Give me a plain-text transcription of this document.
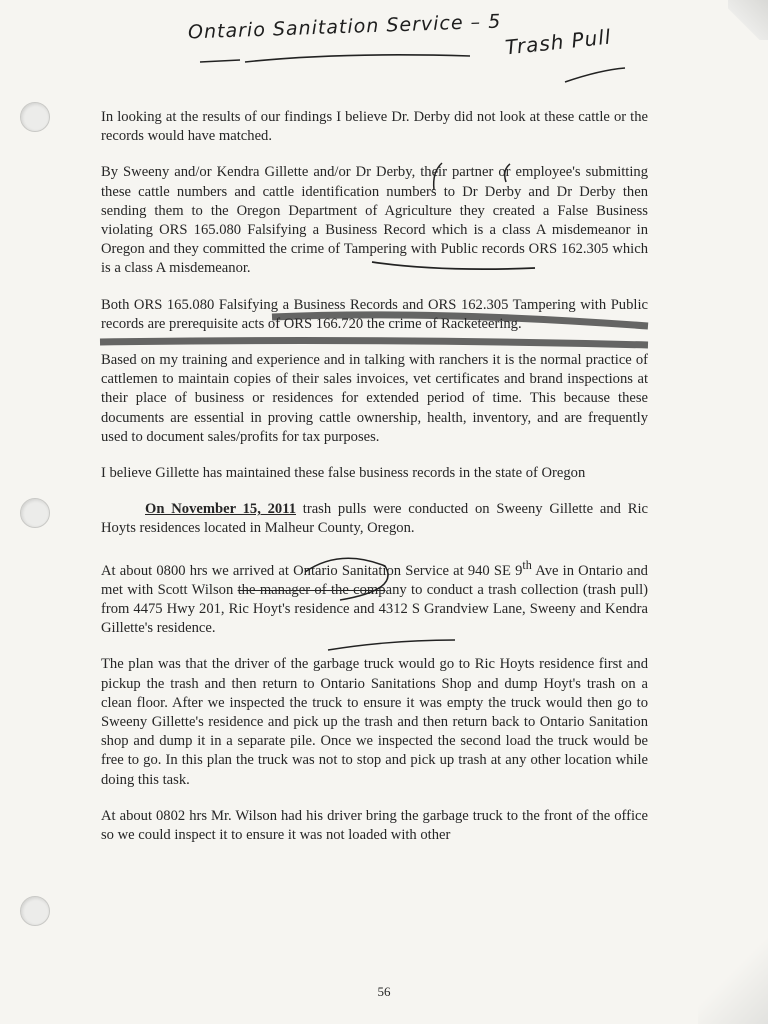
Ontario Sanitation Service – 5 Trash Pull

In looking at the results of our findings I believe Dr. Derby did not look at these cattle or the records would have matched.

By Sweeny and/or Kendra Gillette and/or Dr Derby, their partner or employee's submitting these cattle numbers and cattle identification numbers to Dr Derby and Dr Derby then sending them to the Oregon Department of Agriculture they created a False Business violating ORS 165.080 Falsifying a Business Record which is a class A misdemeanor in Oregon and they committed the crime of Tampering with Public records ORS 162.305 which is a class A misdemeanor.

Both ORS 165.080 Falsifying a Business Records and ORS 162.305 Tampering with Public records are prerequisite acts of ORS 166.720 the crime of Racketeering.

Based on my training and experience and in talking with ranchers it is the normal practice of cattlemen to maintain copies of their sales invoices, vet certificates and brand inspections at their place of business or residences for extended period of time. This because these documents are essential in proving cattle ownership, health, inventory, and are frequently used to document sales/profits for tax purposes.

I believe Gillette has maintained these false business records in the state of Oregon

On November 15, 2011 trash pulls were conducted on Sweeny Gillette and Ric Hoyts residences located in Malheur County, Oregon.

At about 0800 hrs we arrived at Ontario Sanitation Service at 940 SE 9th Ave in Ontario and met with Scott Wilson the manager of the company to conduct a trash collection (trash pull) from 4475 Hwy 201, Ric Hoyt's residence and 4312 S Grandview Lane, Sweeny and Kendra Gillette's residence.

The plan was that the driver of the garbage truck would go to Ric Hoyts residence first and pickup the trash and then return to Ontario Sanitations Shop and dump Hoyt's trash on a clean floor. After we inspected the truck to ensure it was empty the truck would then go to Sweeny Gillette's residence and pick up the trash and then return back to Ontario Sanitation shop and dump it in a separate pile. Once we inspected the second load the truck would be free to go. In this plan the truck was not to stop and pick up trash at any other location while doing this task.

At about 0802 hrs Mr. Wilson had his driver bring the garbage truck to the front of the office so we could inspect it to ensure it was not loaded with other

56
